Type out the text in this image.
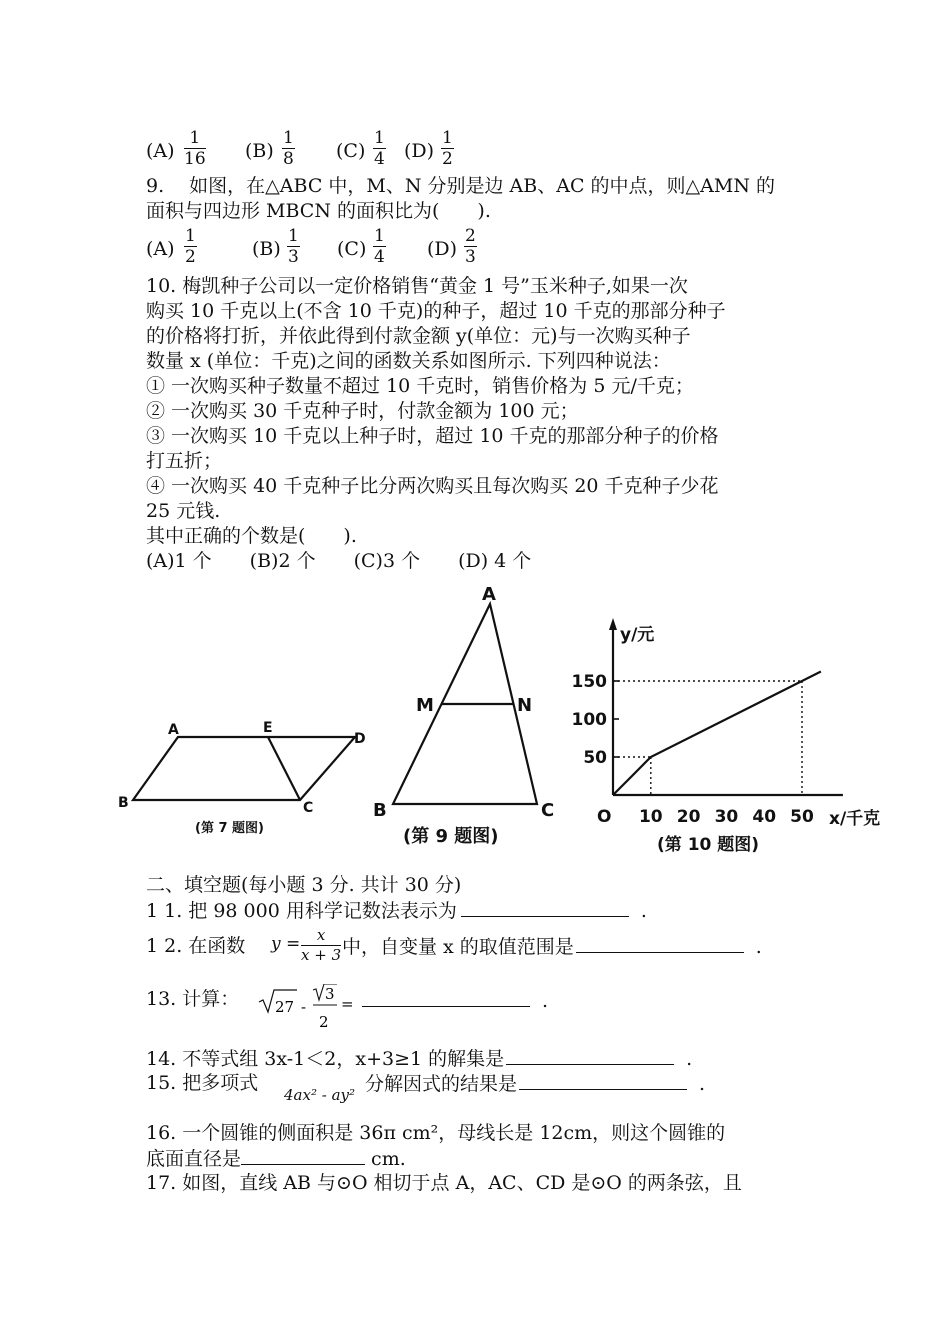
$(A) \frac{1}{16} (B) \frac{1}{8} (C) \frac{1}{4} (D) \frac{1}{2}$
9.　 如图，在△ABC 中，M、N 分别是边 AB、AC 的中点，则△AMN 的
面积与四边形 MBCN 的面积比为(　　).
$(A) \frac{1}{2}$	$(B) \frac{1}{3} (C) \frac{1}{4} (D) \frac{2}{3}$
10. 梅凯种子公司以一定价格销售“黄金 1 号”玉米种子,如果一次
购买 10 千克以上(不含 10 千克)的种子，超过 10 千克的那部分种子
的价格将打折，并依此得到付款金额 y(单位：元)与一次购买种子
数量 x (单位：千克)之间的函数关系如图所示. 下列四种说法：
① 一次购买种子数量不超过 10 千克时，销售价格为 5 元/千克；
② 一次购买 30 千克种子时，付款金额为 100 元；
③ 一次购买 10 千克以上种子时，超过 10 千克的那部分种子的价格
打五折；
④ 一次购买 40 千克种子比分两次购买且每次购买 20 千克种子少花
25 元钱.
其中正确的个数是(　　).
(A)1 个　　(B)2 个　　(C)3 个　　(D) 4 个
A	E
D
B	C
(第 7 题图)
A
M	N
B	C
(第 9 题图)
10 20 30 40 50
50
100
150
y/元
x/千克
O
(第 10 题图)
二、填空题(每小题 3 分. 共计 30 分)
1 1. 把 98 000 用科学记数法表示为	.
1 2. 在函数 $y = \frac{x}{x + 3}$ 中，自变量 x 的取值范围是	.
13. 计算： 27 -
3
2
=	.
14. 不等式组 3x-1＜2，x+3≥1 的解集是	.
15. 把多项式
4ax² - ay² 分解因式的结果是	.
16. 一个圆锥的侧面积是 36π cm²，母线长是 12cm，则这个圆锥的
底面直径是	cm.
17. 如图，直线 AB 与⊙O 相切于点 A，AC、CD 是⊙O 的两条弦，且
